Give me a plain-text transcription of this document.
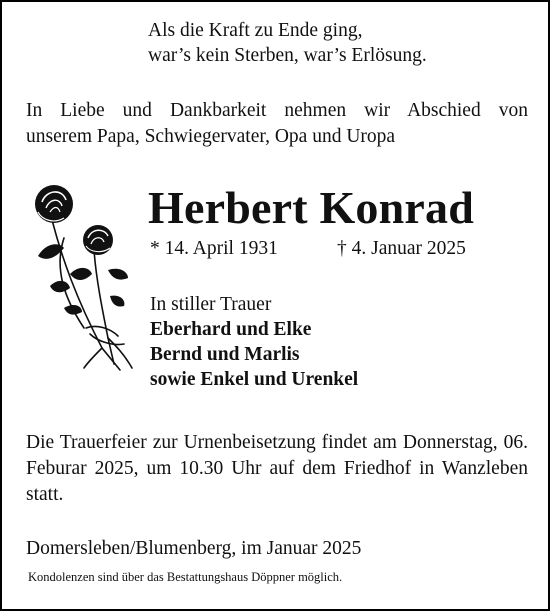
Als die Kraft zu Ende ging,
war’s kein Sterben, war’s Erlösung.
In Liebe und Dankbarkeit nehmen wir Abschied von
unserem Papa, Schwiegervater, Opa und Uropa
Herbert Konrad
* 14. April 1931	† 4. Januar 2025
In stiller Trauer
Eberhard und Elke
Bernd und Marlis
sowie Enkel und Urenkel
Die Trauerfeier zur Urnenbeisetzung findet am Donnerstag, 06. Feburar 2025, um 10.30 Uhr auf dem Friedhof in Wanzleben statt.
Domersleben/Blumenberg, im Januar 2025
Kondolenzen sind über das Bestattungshaus Döppner möglich.
